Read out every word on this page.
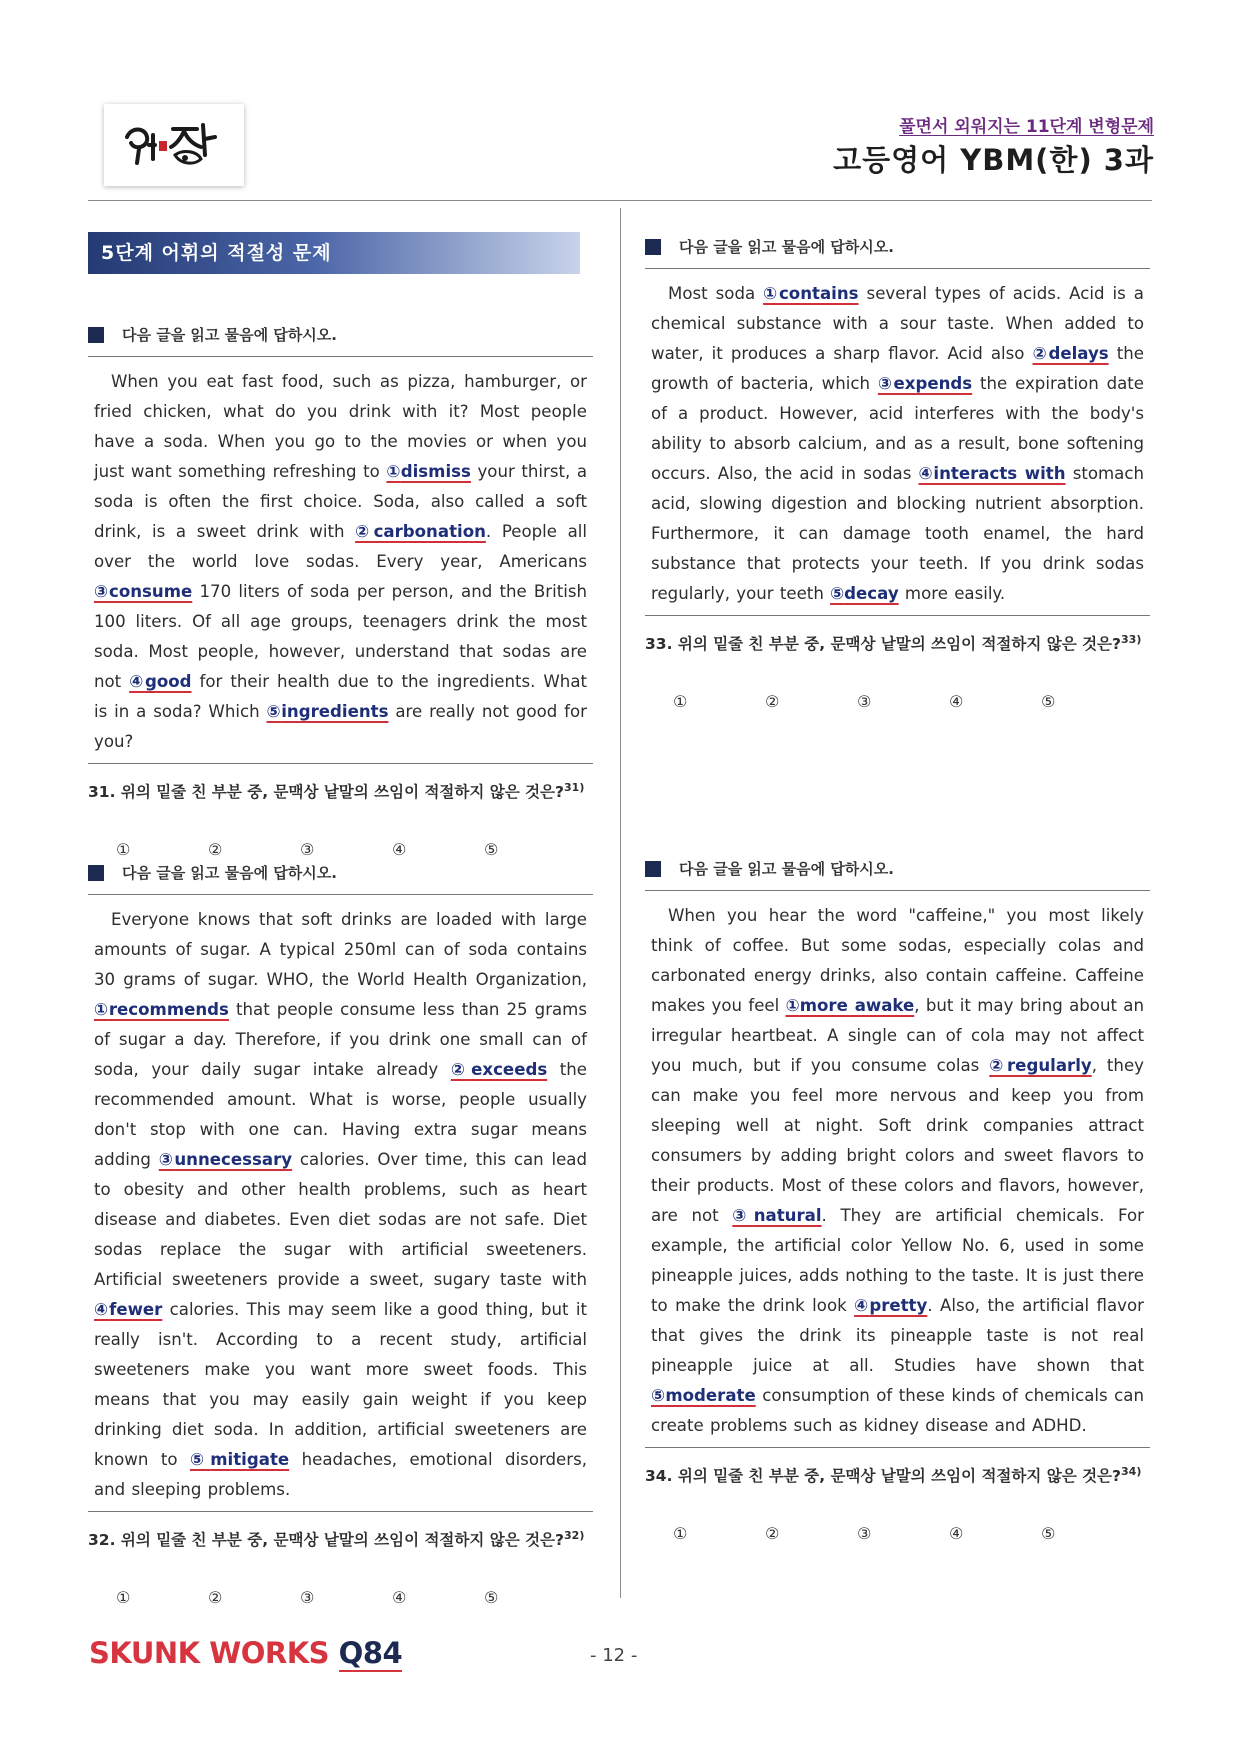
풀면서 외워지는 11단계 변형문제
고등영어 YBM(한) 3과
5단계 어휘의 적절성 문제
다음 글을 읽고 물음에 답하시오.

When you eat fast food, such as pizza, hamburger, or fried chicken, what do you drink with it? Most people have a soda. When you go to the movies or when you just want something refreshing to ①dismiss your thirst, a soda is often the first choice. Soda, also called a soft drink, is a sweet drink with ②carbonation. People all over the world love sodas. Every year, Americans ③consume 170 liters of soda per person, and the British 100 liters. Of all age groups, teenagers drink the most soda. Most people, however, understand that sodas are not ④good for their health due to the ingredients. What is in a soda? Which ⑤ingredients are really not good for you?

31. 위의 밑줄 친 부분 중, 문맥상 낱말의 쓰임이 적절하지 않은 것은?$^{31)}$
①	②	③	④	⑤
다음 글을 읽고 물음에 답하시오.

Everyone knows that soft drinks are loaded with large amounts of sugar. A typical 250ml can of soda contains 30 grams of sugar. WHO, the World Health Organization, ①recommends that people consume less than 25 grams of sugar a day. Therefore, if you drink one small can of soda, your daily sugar intake already ②exceeds the recommended amount. What is worse, people usually don't stop with one can. Having extra sugar means adding ③unnecessary calories. Over time, this can lead to obesity and other health problems, such as heart disease and diabetes. Even diet sodas are not safe. Diet sodas replace the sugar with artificial sweeteners. Artificial sweeteners provide a sweet, sugary taste with ④fewer calories. This may seem like a good thing, but it really isn't. According to a recent study, artificial sweeteners make you want more sweet foods. This means that you may easily gain weight if you keep drinking diet soda. In addition, artificial sweeteners are known to ⑤mitigate headaches, emotional disorders, and sleeping problems.

32. 위의 밑줄 친 부분 중, 문맥상 낱말의 쓰임이 적절하지 않은 것은?$^{32)}$
①	②	③	④	⑤
다음 글을 읽고 물음에 답하시오.

Most soda ①contains several types of acids. Acid is a chemical substance with a sour taste. When added to water, it produces a sharp flavor. Acid also ②delays the growth of bacteria, which ③expends the expiration date of a product. However, acid interferes with the body's ability to absorb calcium, and as a result, bone softening occurs. Also, the acid in sodas ④interacts with stomach acid, slowing digestion and blocking nutrient absorption. Furthermore, it can damage tooth enamel, the hard substance that protects your teeth. If you drink sodas regularly, your teeth ⑤decay more easily.

33. 위의 밑줄 친 부분 중, 문맥상 낱말의 쓰임이 적절하지 않은 것은?$^{33)}$
①	②	③	④	⑤
다음 글을 읽고 물음에 답하시오.

When you hear the word "caffeine," you most likely think of coffee. But some sodas, especially colas and carbonated energy drinks, also contain caffeine. Caffeine makes you feel ①more awake, but it may bring about an irregular heartbeat. A single can of cola may not affect you much, but if you consume colas ②regularly, they can make you feel more nervous and keep you from sleeping well at night. Soft drink companies attract consumers by adding bright colors and sweet flavors to their products. Most of these colors and flavors, however, are not ③natural. They are artificial chemicals. For example, the artificial color Yellow No. 6, used in some pineapple juices, adds nothing to the taste. It is just there to make the drink look ④pretty. Also, the artificial flavor that gives the drink its pineapple taste is not real pineapple juice at all. Studies have shown that ⑤moderate consumption of these kinds of chemicals can create problems such as kidney disease and ADHD.

34. 위의 밑줄 친 부분 중, 문맥상 낱말의 쓰임이 적절하지 않은 것은?$^{34)}$
①	②	③	④	⑤
SKUNK WORKS Q84	- 12 -
